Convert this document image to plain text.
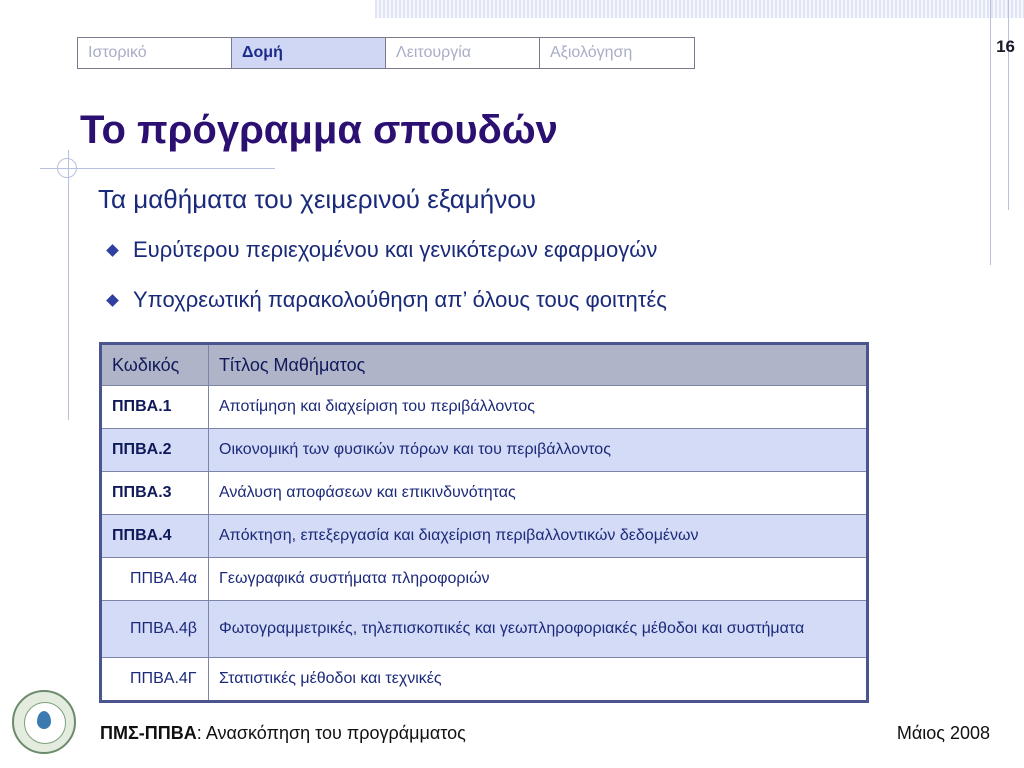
Ιστορικό	Δομή	Λειτουργία	Αξιολόγηση	16
Το πρόγραμμα σπουδών
Τα μαθήματα του χειμερινού εξαμήνου
Ευρύτερου περιεχομένου και γενικότερων εφαρμογών
Υποχρεωτική παρακολούθηση απ’ όλους τους φοιτητές
Κωδικός	Τίτλος Μαθήματος
ΠΠΒΑ.1	Αποτίμηση και διαχείριση του περιβάλλοντος
ΠΠΒΑ.2	Οικονομική των φυσικών πόρων και του περιβάλλοντος
ΠΠΒΑ.3	Ανάλυση αποφάσεων και επικινδυνότητας
ΠΠΒΑ.4	Απόκτηση, επεξεργασία και διαχείριση περιβαλλοντικών δεδομένων
ΠΠΒΑ.4α	Γεωγραφικά συστήματα πληροφοριών
ΠΠΒΑ.4β	Φωτογραμμετρικές, τηλεπισκοπικές και γεωπληροφοριακές μέθοδοι και συστήματα
ΠΠΒΑ.4Γ	Στατιστικές μέθοδοι και τεχνικές
ΠΜΣ-ΠΠΒΑ: Ανασκόπηση του προγράμματος	Μάιος 2008
